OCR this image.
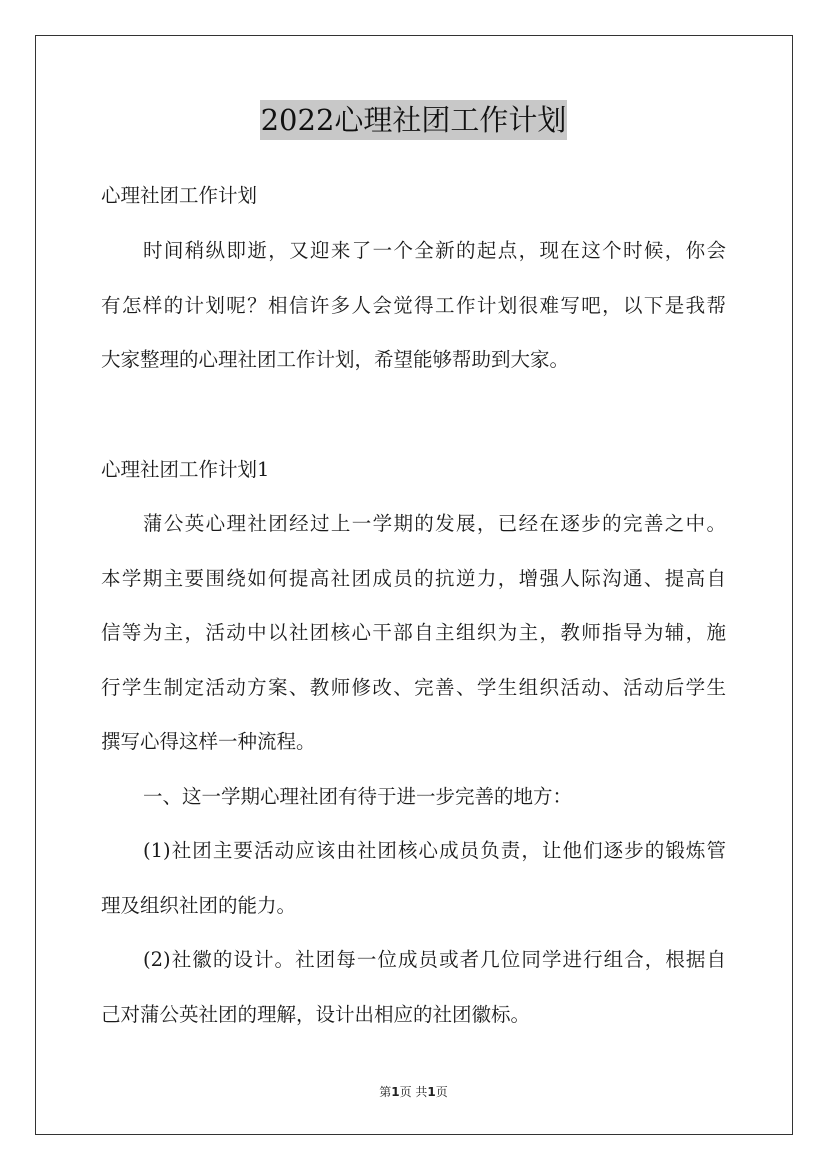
2022心理社团工作计划
心理社团工作计划
时间稍纵即逝，又迎来了一个全新的起点，现在这个时候，你会
有怎样的计划呢？相信许多人会觉得工作计划很难写吧，以下是我帮
大家整理的心理社团工作计划，希望能够帮助到大家。
心理社团工作计划1
蒲公英心理社团经过上一学期的发展，已经在逐步的完善之中。
本学期主要围绕如何提高社团成员的抗逆力，增强人际沟通、提高自
信等为主，活动中以社团核心干部自主组织为主，教师指导为辅，施
行学生制定活动方案、教师修改、完善、学生组织活动、活动后学生
撰写心得这样一种流程。
一、这一学期心理社团有待于进一步完善的地方：
(1)社团主要活动应该由社团核心成员负责，让他们逐步的锻炼管
理及组织社团的能力。
(2)社徽的设计。社团每一位成员或者几位同学进行组合，根据自
己对蒲公英社团的理解，设计出相应的社团徽标。
第1页 共1页
